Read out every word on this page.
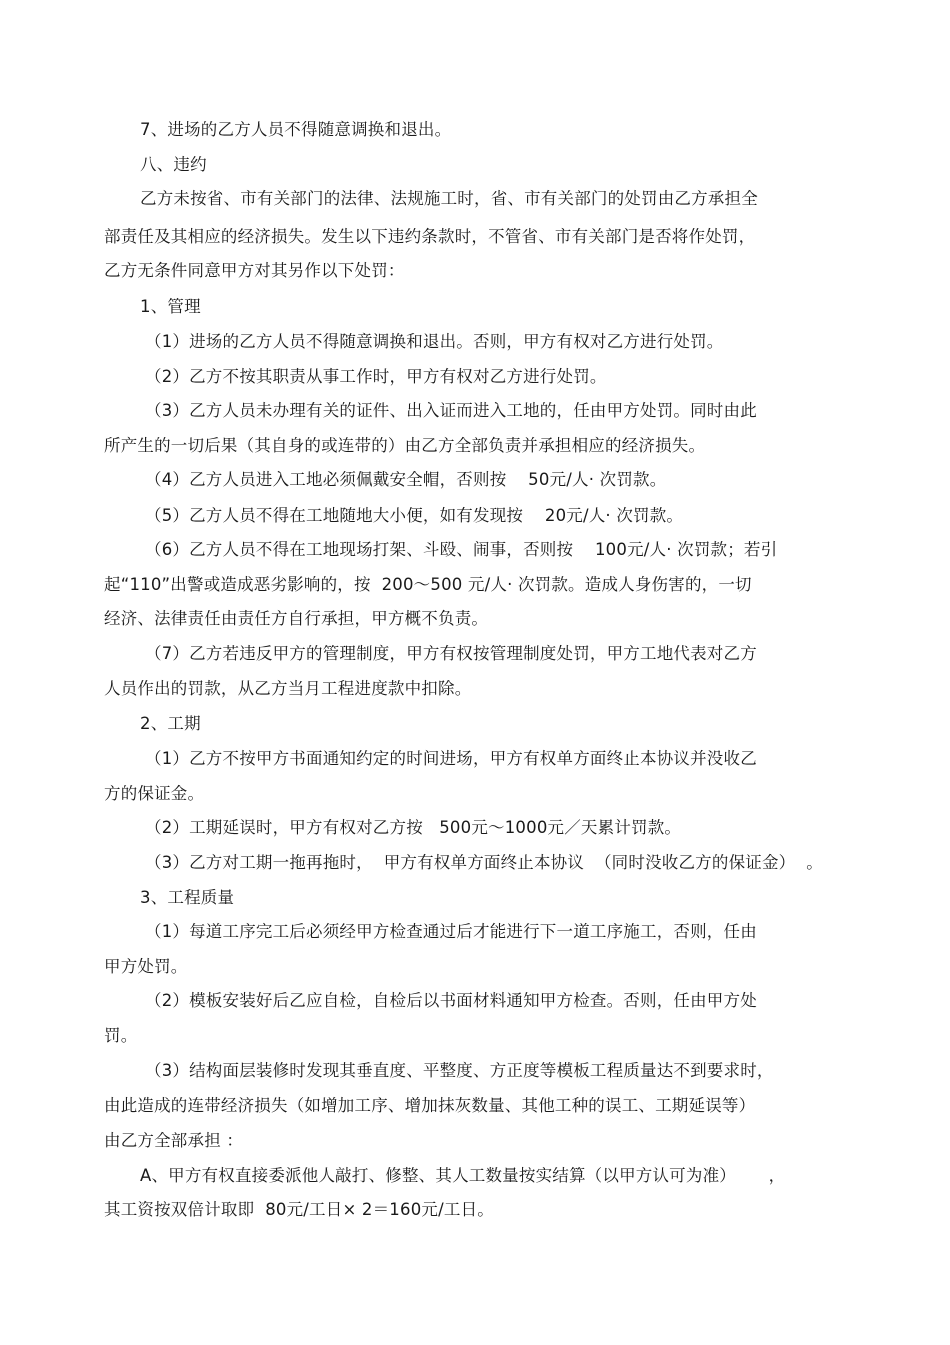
7、进场的乙方人员不得随意调换和退出。
八、违约
乙方未按省、市有关部门的法律、法规施工时，省、市有关部门的处罚由乙方承担全
部责任及其相应的经济损失。发生以下违约条款时，不管省、市有关部门是否将作处罚，
乙方无条件同意甲方对其另作以下处罚：
1、管理
（1）进场的乙方人员不得随意调换和退出。否则，甲方有权对乙方进行处罚。
（2）乙方不按其职责从事工作时，甲方有权对乙方进行处罚。
（3）乙方人员未办理有关的证件、出入证而进入工地的，任由甲方处罚。同时由此
所产生的一切后果（其自身的或连带的）由乙方全部负责并承担相应的经济损失。
（4）乙方人员进入工地必须佩戴安全帽，否则按    50元/人· 次罚款。
（5）乙方人员不得在工地随地大小便，如有发现按    20元/人· 次罚款。
（6）乙方人员不得在工地现场打架、斗殴、闹事，否则按    100元/人· 次罚款；若引
起“110”出警或造成恶劣影响的，按  200～500 元/人· 次罚款。造成人身伤害的，一切
经济、法律责任由责任方自行承担，甲方概不负责。
（7）乙方若违反甲方的管理制度，甲方有权按管理制度处罚，甲方工地代表对乙方
人员作出的罚款，从乙方当月工程进度款中扣除。
2、工期
（1）乙方不按甲方书面通知约定的时间进场，甲方有权单方面终止本协议并没收乙
方的保证金。
（2）工期延误时，甲方有权对乙方按   500元～1000元／天累计罚款。
（3）乙方对工期一拖再拖时，  甲方有权单方面终止本协议  （同时没收乙方的保证金）  。
3、工程质量
（1）每道工序完工后必须经甲方检查通过后才能进行下一道工序施工，否则，任由
甲方处罚。
（2）模板安装好后乙应自检，自检后以书面材料通知甲方检查。否则，任由甲方处
罚。
（3）结构面层装修时发现其垂直度、平整度、方正度等模板工程质量达不到要求时，
由此造成的连带经济损失（如增加工序、增加抹灰数量、其他工种的误工、工期延误等）
由乙方全部承担 ：
A、甲方有权直接委派他人敲打、修整、其人工数量按实结算（以甲方认可为准）      ，
其工资按双倍计取即  80元/工日× 2＝160元/工日。
